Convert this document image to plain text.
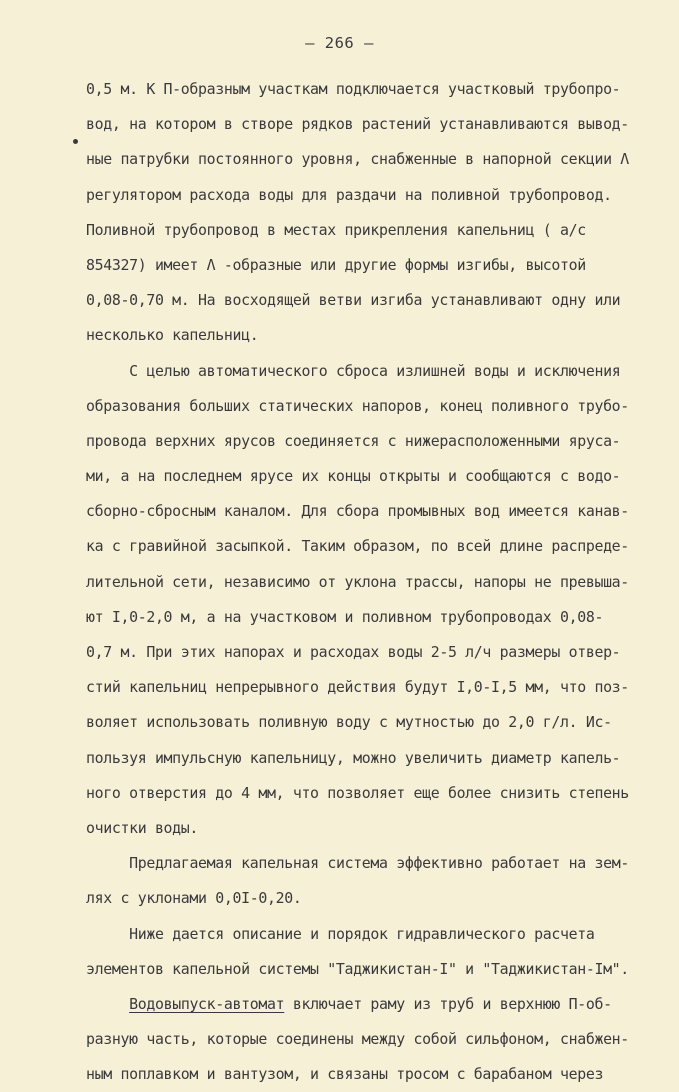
– 266 –
0,5 м. К П-образным участкам подключается участковый трубопро-
вод, на котором в створе рядков растений устанавливаются вывод-
ные патрубки постоянного уровня, снабженные в напорной секции Λ
регулятором расхода воды для раздачи на поливной трубопровод.
Поливной трубопровод в местах прикрепления капельниц ( а/с
854327) имеет Λ -образные или другие формы изгибы, высотой
0,08-0,70 м. На восходящей ветви изгиба устанавливают одну или
несколько капельниц.
С целью автоматического сброса излишней воды и исключения
образования больших статических напоров, конец поливного трубо-
провода верхних ярусов соединяется с нижерасположенными яруса-
ми, а на последнем ярусе их концы открыты и сообщаются с водо-
сборно-сбросным каналом. Для сбора промывных вод имеется канав-
ка с гравийной засыпкой. Таким образом, по всей длине распреде-
лительной сети, независимо от уклона трассы, напоры не превыша-
ют I,0-2,0 м, а на участковом и поливном трубопроводах 0,08-
0,7 м. При этих напорах и расходах воды 2-5 л/ч размеры отвер-
стий капельниц непрерывного действия будут I,0-I,5 мм, что поз-
воляет использовать поливную воду с мутностью до 2,0 г/л. Ис-
пользуя импульсную капельницу, можно увеличить диаметр капель-
ного отверстия до 4 мм, что позволяет еще более снизить степень
очистки воды.
Предлагаемая капельная система эффективно работает на зем-
лях с уклонами 0,0I-0,20.
Ниже дается описание и порядок гидравлического расчета
элементов капельной системы "Таджикистан-I" и "Таджикистан-Iм".
Водовыпуск-автомат включает раму из труб и верхнюю П-об-
разную часть, которые соединены между собой сильфоном, снабжен-
ным поплавком и вантузом, и связаны тросом с барабаном через
